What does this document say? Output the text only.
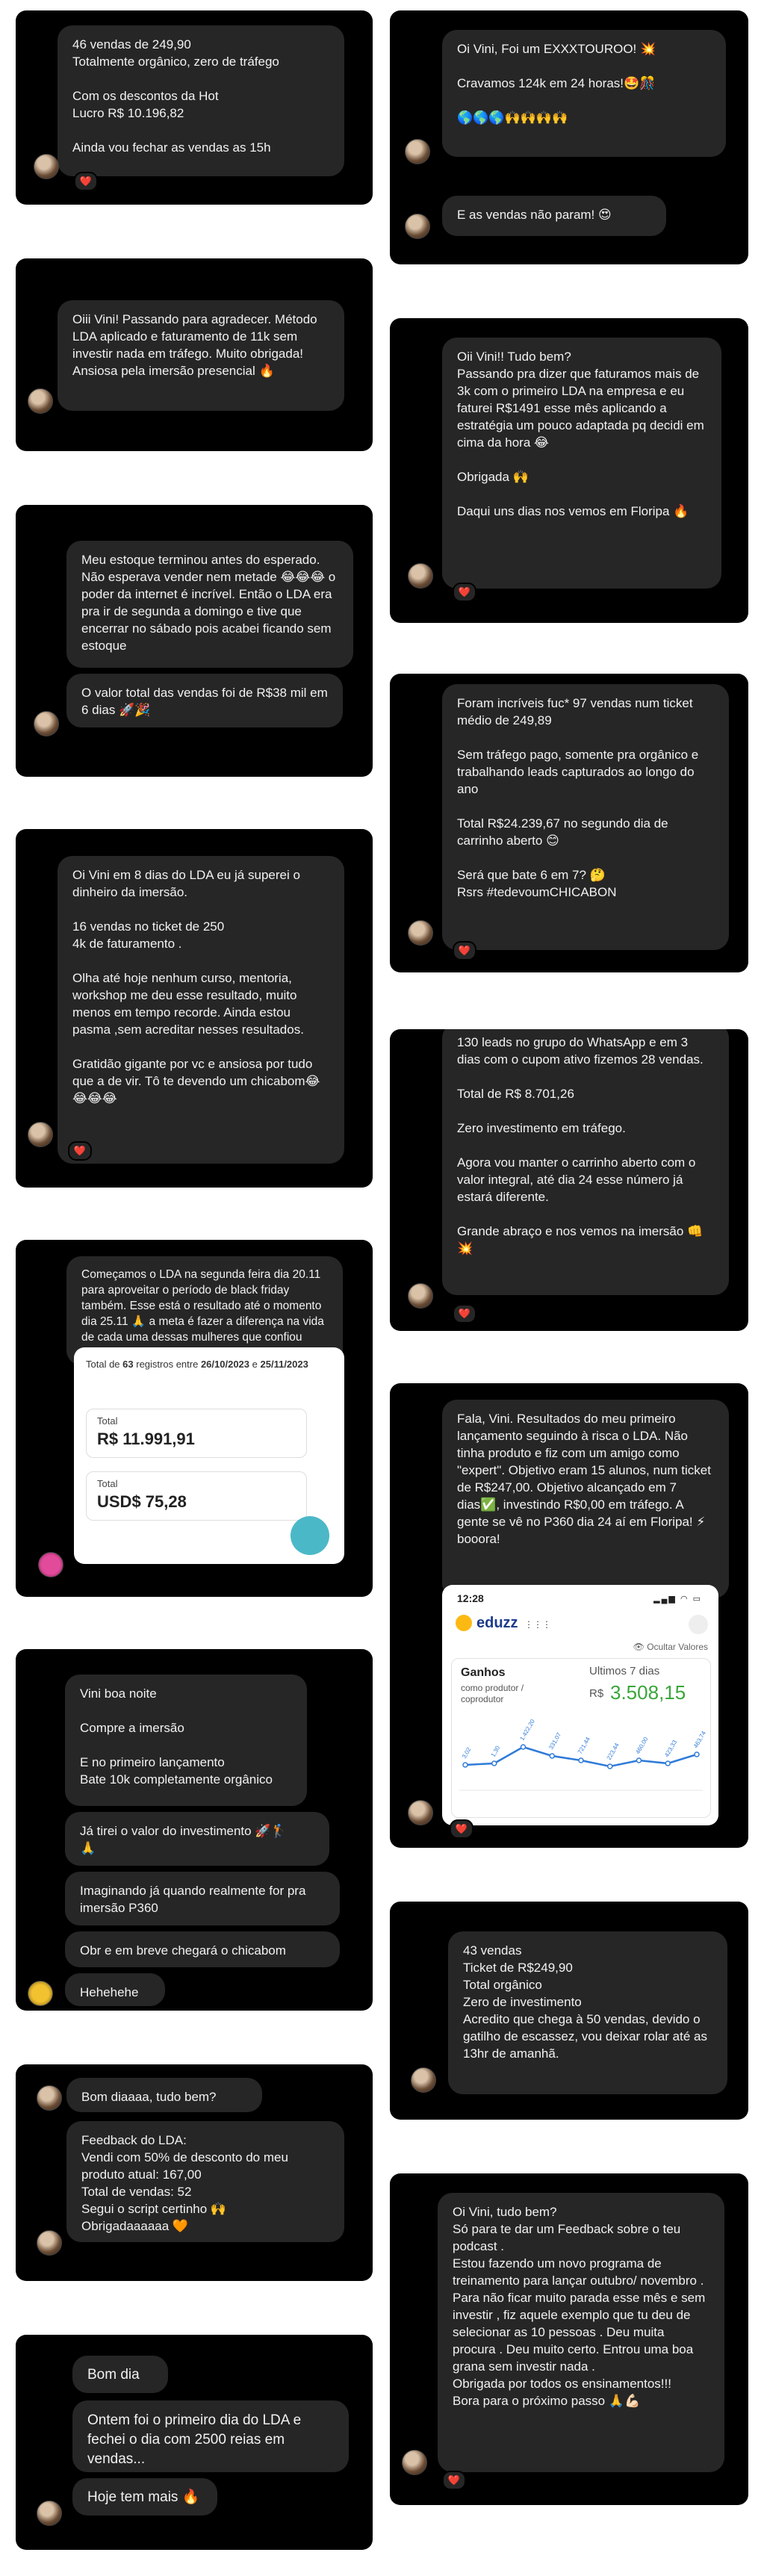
46 vendas de 249,90
Totalmente orgânico, zero de tráfego

Com os descontos da Hot
Lucro R$ 10.196,82

Ainda vou fechar as vendas as 15h
❤️
Oiii Vini! Passando para agradecer. Método LDA aplicado e faturamento de 11k sem investir nada em tráfego. Muito obrigada! Ansiosa pela imersão presencial 🔥
Meu estoque terminou antes do esperado. Não esperava vender nem metade 😂😂😂 o poder da internet é incrível. Então o LDA era pra ir de segunda a domingo e tive que encerrar no sábado pois acabei ficando sem estoque
O valor total das vendas foi de R$38 mil em 6 dias 🚀🎉
Oi Vini em 8 dias do LDA eu já superei o dinheiro da imersão.

16 vendas no ticket de 250
4k de faturamento .

Olha até hoje nenhum curso, mentoria, workshop me deu esse resultado, muito menos em tempo recorde. Ainda estou pasma ,sem acreditar nesses resultados.

Gratidão gigante por vc e ansiosa por tudo que a de vir. Tô te devendo um chicabom😂😂😂😂
❤️
Começamos o LDA na segunda feira dia 20.11 para aproveitar o período de black friday também. Esse está o resultado até o momento dia 25.11 🙏 a meta é fazer a diferença na vida de cada uma dessas mulheres que confiou
Total de 63 registros entre 26/10/2023 e 25/11/2023
Total
R$ 11.991,91
Total
USD$ 75,28
Vini boa noite

Compre a imersão

E no primeiro lançamento
Bate 10k completamente orgânico
Já tirei o valor do investimento 🚀🏌️
🙏
Imaginando já quando realmente for pra imersão P360
Obr e em breve chegará o chicabom
Hehehehe
Bom diaaaa, tudo bem?
Feedback do LDA:
Vendi com 50% de desconto do meu produto atual: 167,00
Total de vendas: 52
Segui o script certinho 🙌
Obrigadaaaaaa 🧡
Bom dia
Ontem foi o primeiro dia do LDA e fechei o dia com 2500 reias em vendas...
Hoje tem mais 🔥
Oi Vini, Foi um EXXXTOUROO! 💥

Cravamos 124k em 24 horas!🤩🎊

🌎🌎🌎🙌🙌🙌🙌
E as vendas não param! 😍
Oii Vini!! Tudo bem?
Passando pra dizer que faturamos mais de 3k com o primeiro LDA na empresa e eu faturei R$1491 esse mês aplicando a estratégia um pouco adaptada pq decidi em cima da hora 😂

Obrigada 🙌

Daqui uns dias nos vemos em Floripa 🔥
❤️
Foram incríveis fuc* 97 vendas num ticket médio de 249,89

Sem tráfego pago, somente pra orgânico e trabalhando leads capturados ao longo do ano

Total R$24.239,67 no segundo dia de carrinho aberto 😊

Será que bate 6 em 7? 🤔
Rsrs #tedevoumCHICABON
❤️
130 leads no grupo do WhatsApp e em 3 dias com o cupom ativo fizemos 28 vendas.

Total de R$ 8.701,26

Zero investimento em tráfego.

Agora vou manter o carrinho aberto com o valor integral, até dia 24 esse número já estará diferente.

Grande abraço e nos vemos na imersão 👊💥
❤️
Fala, Vini. Resultados do meu primeiro lançamento seguindo à risca o LDA. Não tinha produto e fiz com um amigo como "expert". Objetivo eram 15 alunos, num ticket de R$247,00. Objetivo alcançado em 7 dias✅, investindo R$0,00 em tráfego. A gente se vê no P360 dia 24 aí em Floripa! ⚡ booora!
12:28	▂▄▆ ◠ ▭
eduzz ⋮⋮⋮
👁 Ocultar Valores
Ganhos
como produtor / coprodutor
Ultimos 7 dias
R$ 3.508,15
3,02	1,30
1.422,20 331,07 721,44 223,44 460,00 423,33 463,74
❤️
43 vendas
Ticket de R$249,90
Total orgânico
Zero de investimento
Acredito que chega à 50 vendas, devido o gatilho de escassez, vou deixar rolar até as 13hr de amanhã.
Oi Vini, tudo bem?
Só para te dar um Feedback sobre o teu podcast .
Estou fazendo um novo programa de treinamento para lançar outubro/ novembro . Para não ficar muito parada esse mês e sem investir , fiz aquele exemplo que tu deu de selecionar as 10 pessoas . Deu muita procura . Deu muito certo. Entrou uma boa grana sem investir nada .
Obrigada por todos os ensinamentos!!!
Bora para o próximo passo 🙏💪🏻
❤️
